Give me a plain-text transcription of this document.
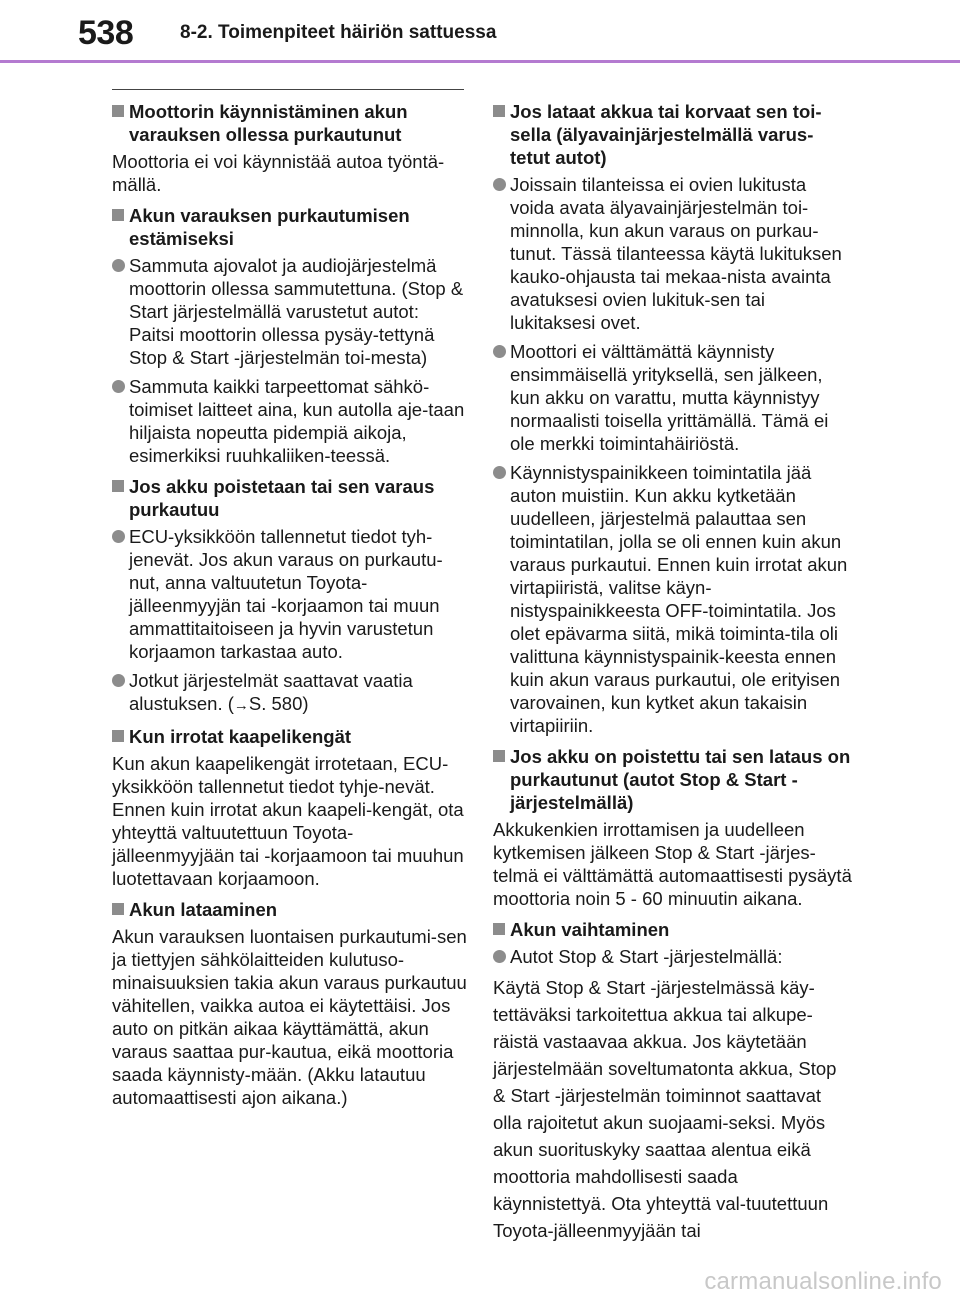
538 8-2. Toimenpiteet häiriön sattuessa
Moottorin käynnistäminen akun varauksen ollessa purkautunut

Moottoria ei voi käynnistää autoa työntä-mällä.

Akun varauksen purkautumisen estämiseksi
Sammuta ajovalot ja audiojärjestelmä moottorin ollessa sammutettuna. (Stop & Start järjestelmällä varustetut autot: Paitsi moottorin ollessa pysäy-tettynä Stop & Start -järjestelmän toi-mesta)
Sammuta kaikki tarpeettomat sähkö-toimiset laitteet aina, kun autolla aje-taan hiljaista nopeutta pidempiä aikoja, esimerkiksi ruuhkaliiken-teessä.
Jos akku poistetaan tai sen varaus purkautuu
ECU-yksikköön tallennetut tiedot tyh-jenevät. Jos akun varaus on purkautu-nut, anna valtuutetun Toyota-jälleenmyyjän tai -korjaamon tai muun ammattitaitoiseen ja hyvin varustetun korjaamon tarkastaa auto.
Jotkut järjestelmät saattavat vaatia alustuksen. (→S. 580)
Kun irrotat kaapelikengät

Kun akun kaapelikengät irrotetaan, ECU-yksikköön tallennetut tiedot tyhje-nevät. Ennen kuin irrotat akun kaapeli-kengät, ota yhteyttä valtuutettuun Toyota-jälleenmyyjään tai -korjaamoon tai muuhun luotettavaan korjaamoon.

Akun lataaminen

Akun varauksen luontaisen purkautumi-sen ja tiettyjen sähkölaitteiden kulutuso-minaisuuksien takia akun varaus purkautuu vähitellen, vaikka autoa ei käytettäisi. Jos auto on pitkän aikaa käyttämättä, akun varaus saattaa pur-kautua, eikä moottoria saada käynnisty-mään. (Akku latautuu automaattisesti ajon aikana.)

Jos lataat akkua tai korvaat sen toi-sella (älyavainjärjestelmällä varus-tetut autot)
Joissain tilanteissa ei ovien lukitusta voida avata älyavainjärjestelmän toi-minnolla, kun akun varaus on purkau-tunut. Tässä tilanteessa käytä lukituksen kauko-ohjausta tai mekaa-nista avainta avatuksesi ovien lukituk-sen tai lukitaksesi ovet.
Moottori ei välttämättä käynnisty ensimmäisellä yrityksellä, sen jälkeen, kun akku on varattu, mutta käynnistyy normaalisti toisella yrittämällä. Tämä ei ole merkki toimintahäiriöstä.
Käynnistyspainikkeen toimintatila jää auton muistiin. Kun akku kytketään uudelleen, järjestelmä palauttaa sen toimintatilan, jolla se oli ennen kuin akun varaus purkautui. Ennen kuin irrotat akun virtapiiristä, valitse käyn-nistyspainikkeesta OFF-toimintatila. Jos olet epävarma siitä, mikä toiminta-tila oli valittuna käynnistyspainik-keesta ennen kuin akun varaus purkautui, ole erityisen varovainen, kun kytket akun takaisin virtapiiriin.
Jos akku on poistettu tai sen lataus on purkautunut (autot Stop & Start -järjestelmällä)

Akkukenkien irrottamisen ja uudelleen kytkemisen jälkeen Stop & Start -järjes-telmä ei välttämättä automaattisesti pysäytä moottoria noin 5 - 60 minuutin aikana.

Akun vaihtaminen
Autot Stop & Start -järjestelmällä:

Käytä Stop & Start -järjestelmässä käy-tettäväksi tarkoitettua akkua tai alkupe-räistä vastaavaa akkua. Jos käytetään järjestelmään soveltumatonta akkua, Stop & Start -järjestelmän toiminnot saattavat olla rajoitetut akun suojaami-seksi. Myös akun suorituskyky saattaa alentua eikä moottoria mahdollisesti saada käynnistettyä. Ota yhteyttä val-tuutettuun Toyota-jälleenmyyjään tai

carmanualsonline.info
